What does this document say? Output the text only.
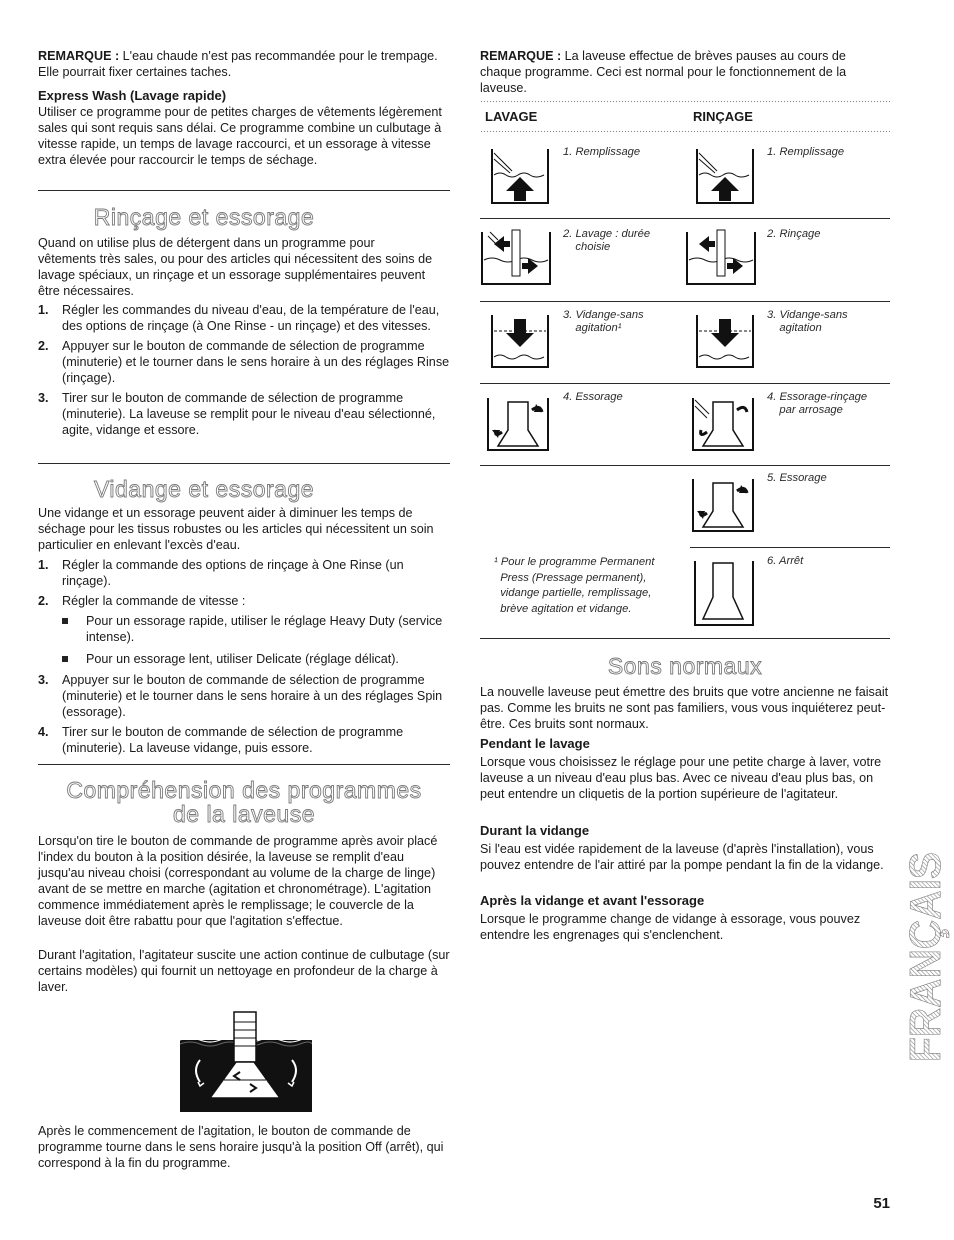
REMARQUE : L'eau chaude n'est pas recommandée pour le trempage. Elle pourrait fixer certaines taches.

Express Wash (Lavage rapide)

Utiliser ce programme pour de petites charges de vêtements légèrement sales qui sont requis sans délai. Ce programme combine un culbutage à vitesse rapide, un temps de lavage raccourci, et un essorage à vitesse extra élevée pour raccourcir le temps de séchage.

Rinçage et essorage

Quand on utilise plus de détergent dans un programme pour vêtements très sales, ou pour des articles qui nécessitent des soins de lavage spéciaux, un rinçage et un essorage supplémentaires peuvent être nécessaires.

1. Régler les commandes du niveau d'eau, de la température de l'eau, des options de rinçage (à One Rinse - un rinçage) et des vitesses.
2. Appuyer sur le bouton de commande de sélection de programme (minuterie) et le tourner dans le sens horaire à un des réglages Rinse (rinçage).
3. Tirer sur le bouton de commande de sélection de programme (minuterie). La laveuse se remplit pour le niveau d'eau sélectionné, agite, vidange et essore.

Vidange et essorage

Une vidange et un essorage peuvent aider à diminuer les temps de séchage pour les tissus robustes ou les articles qui nécessitent un soin particulier en enlevant l'excès d'eau.

1. Régler la commande des options de rinçage à One Rinse (un rinçage).
2. Régler la commande de vitesse :
Pour un essorage rapide, utiliser le réglage Heavy Duty (service intense).
Pour un essorage lent, utiliser Delicate (réglage délicat).
3. Appuyer sur le bouton de commande de sélection de programme (minuterie) et le tourner dans le sens horaire à un des réglages Spin (essorage).
4. Tirer sur le bouton de commande de sélection de programme (minuterie). La laveuse vidange, puis essore.

Compréhension des programmes

de la laveuse

Lorsqu'on tire le bouton de commande de programme après avoir placé l'index du bouton à la position désirée, la laveuse se remplit d'eau jusqu'au niveau choisi (correspondant au volume de la charge de linge) avant de se mettre en marche (agitation et chronométrage). L'agitation commence immédiatement après le remplissage; le couvercle de la laveuse doit être rabattu pour que l'agitation s'effectue.

Durant l'agitation, l'agitateur suscite une action continue de culbutage (sur certains modèles) qui fournit un nettoyage en profondeur de la charge à laver.

Après le commencement de l'agitation, le bouton de commande de programme tourne dans le sens horaire jusqu'à la position Off (arrêt), qui correspond à la fin du programme.

REMARQUE : La laveuse effectue de brèves pauses au cours de chaque programme. Ceci est normal pour le fonctionnement de la laveuse.

LAVAGE	RINÇAGE
1. Remplissage
2. Lavage : durée
choisie
3. Vidange-sans
agitation¹
4. Essorage
1. Remplissage
2. Rinçage
3. Vidange-sans
agitation
4. Essorage-rinçage
par arrosage
5. Essorage
6. Arrêt
¹ Pour le programme Permanent
Press (Pressage permanent),
vidange partielle, remplissage,
brève agitation et vidange.

Sons normaux

La nouvelle laveuse peut émettre des bruits que votre ancienne ne faisait pas. Comme les bruits ne sont pas familiers, vous vous inquiéterez peut-être. Ces bruits sont normaux.

Pendant le lavage

Lorsque vous choisissez le réglage pour une petite charge à laver, votre laveuse a un niveau d'eau plus bas. Avec ce niveau d'eau plus bas, on peut entendre un cliquetis de la portion supérieure de l'agitateur.

Durant la vidange

Si l'eau est vidée rapidement de la laveuse (d'après l'installation), vous pouvez entendre de l'air attiré par la pompe pendant la fin de la vidange.

Après la vidange et avant l'essorage

Lorsque le programme change de vidange à essorage, vous pouvez entendre les engrenages qui s'enclenchent.	FRANÇAIS
51
